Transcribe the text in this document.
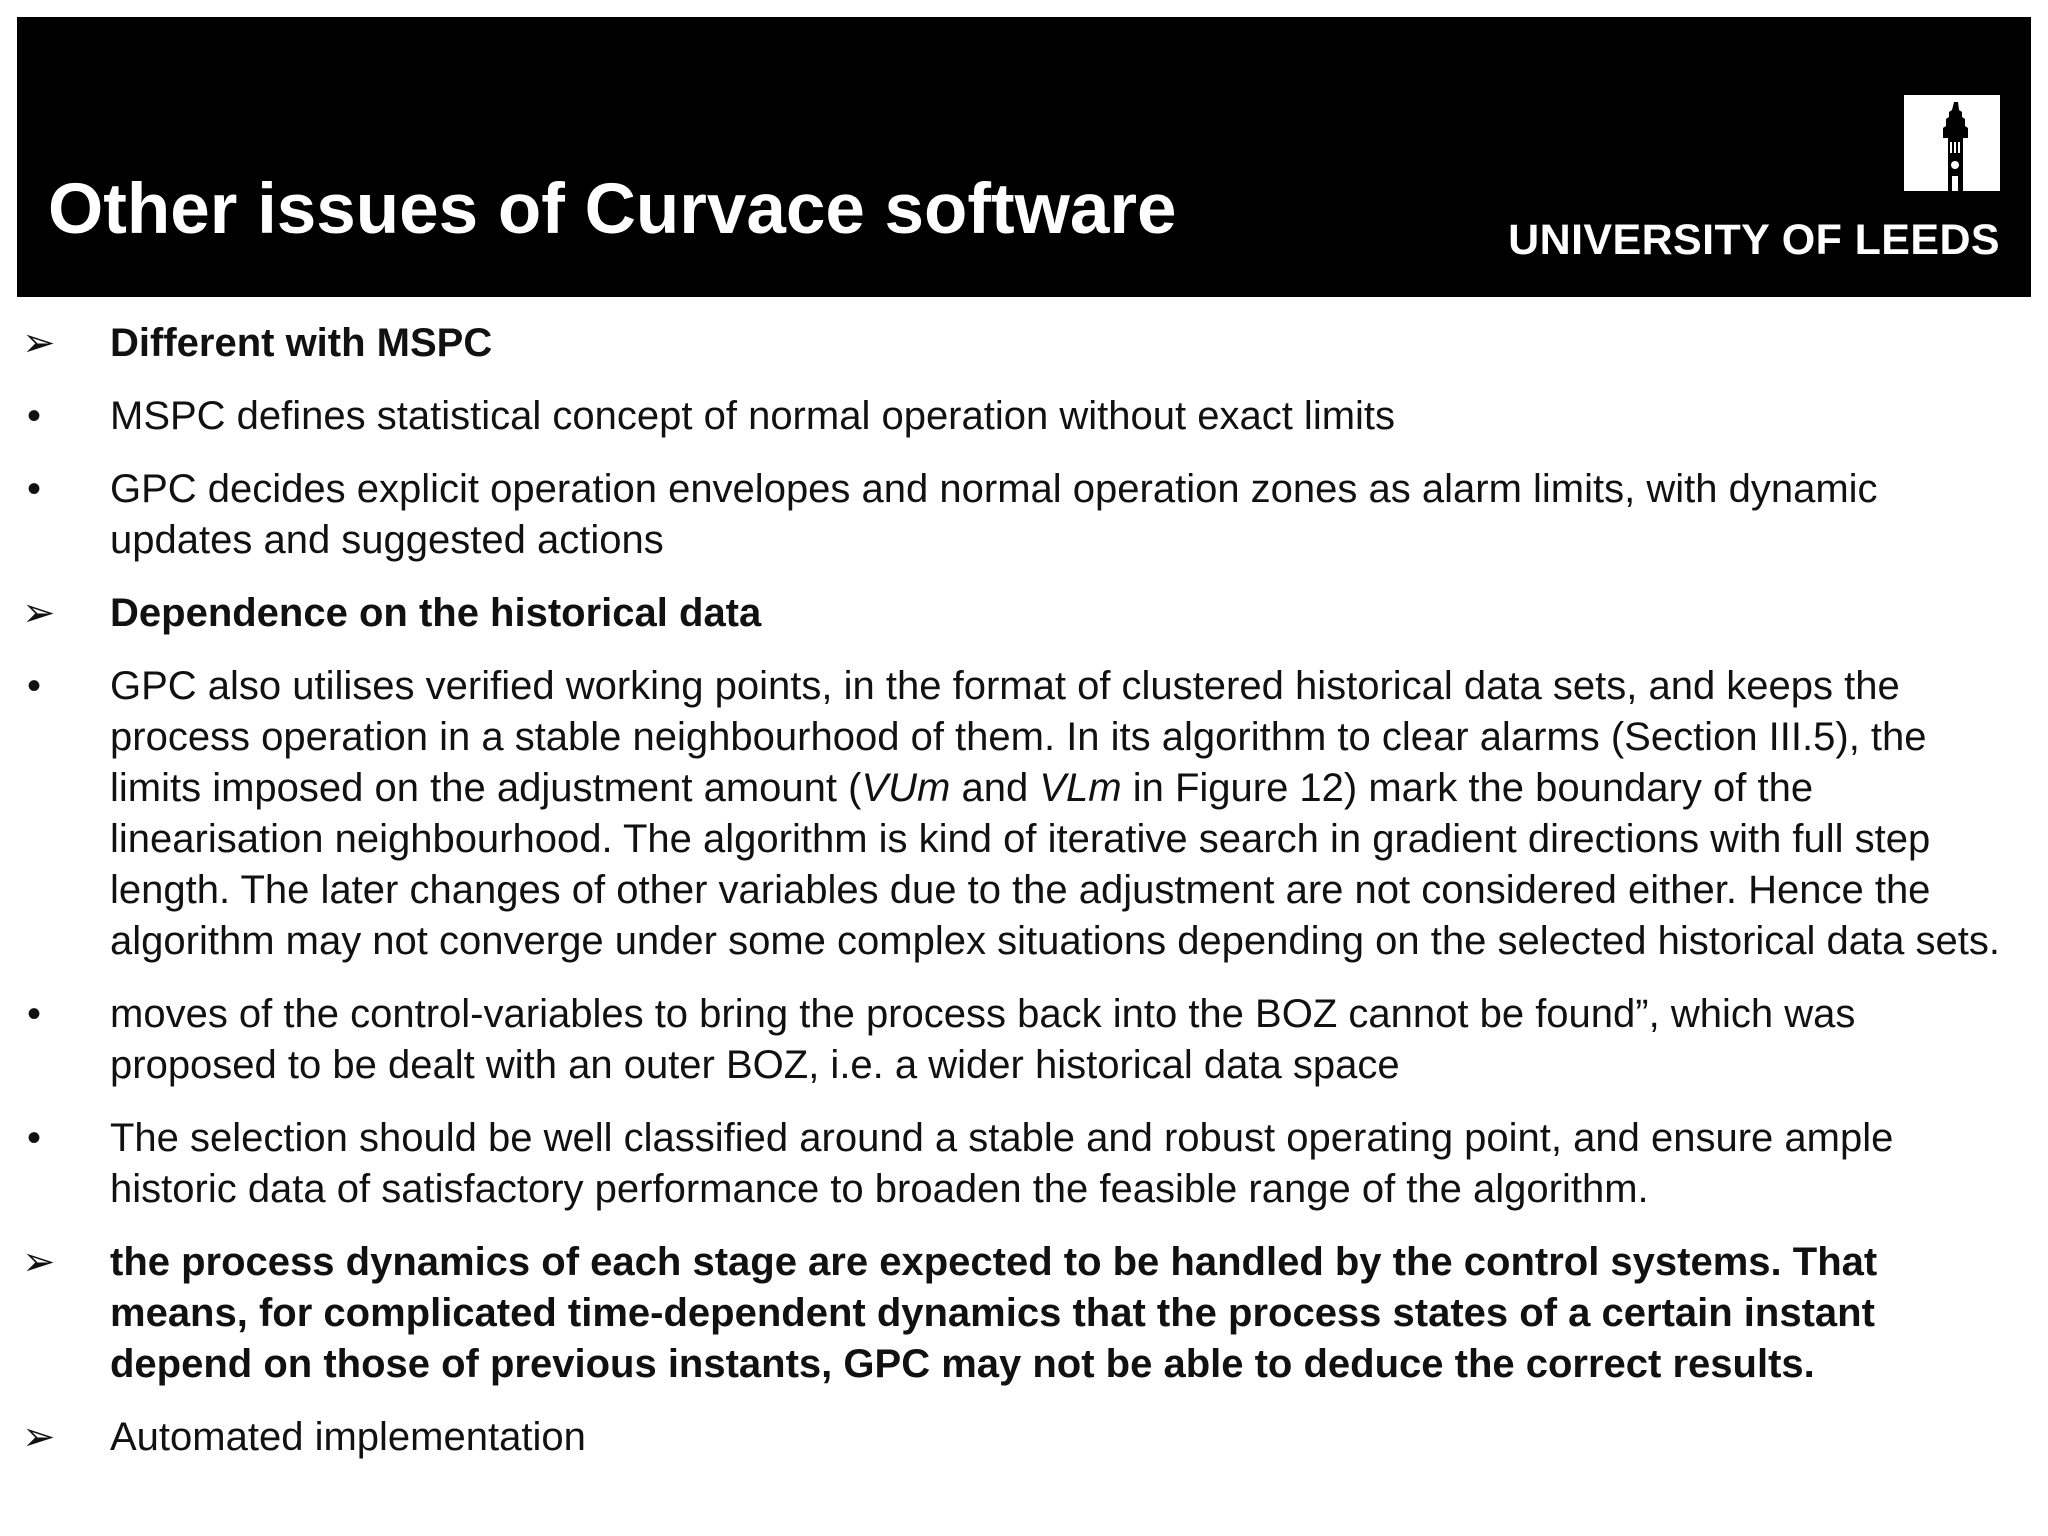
Other issues of Curvace software	UNIVERSITY OF LEEDS
➢ Different with MSPC
•	MSPC defines statistical concept of normal operation without exact limits
•	GPC decides explicit operation envelopes and normal operation zones as alarm limits, with dynamic updates and suggested actions
➢ Dependence on the historical data
•	GPC also utilises verified working points, in the format of clustered historical data sets, and keeps the process operation in a stable neighbourhood of them. In its algorithm to clear alarms (Section III.5), the limits imposed on the adjustment amount (VUm and VLm in Figure 12) mark the boundary of the linearisation neighbourhood. The algorithm is kind of iterative search in gradient directions with full step length. The later changes of other variables due to the adjustment are not considered either. Hence the algorithm may not converge under some complex situations depending on the selected historical data sets.
•	moves of the control-variables to bring the process back into the BOZ cannot be found”, which was proposed to be dealt with an outer BOZ, i.e. a wider historical data space
•	The selection should be well classified around a stable and robust operating point, and ensure ample historic data of satisfactory performance to broaden the feasible range of the algorithm.
➢ the process dynamics of each stage are expected to be handled by the control systems. That means, for complicated time-dependent dynamics that the process states of a certain instant depend on those of previous instants, GPC may not be able to deduce the correct results.
➢ Automated implementation
